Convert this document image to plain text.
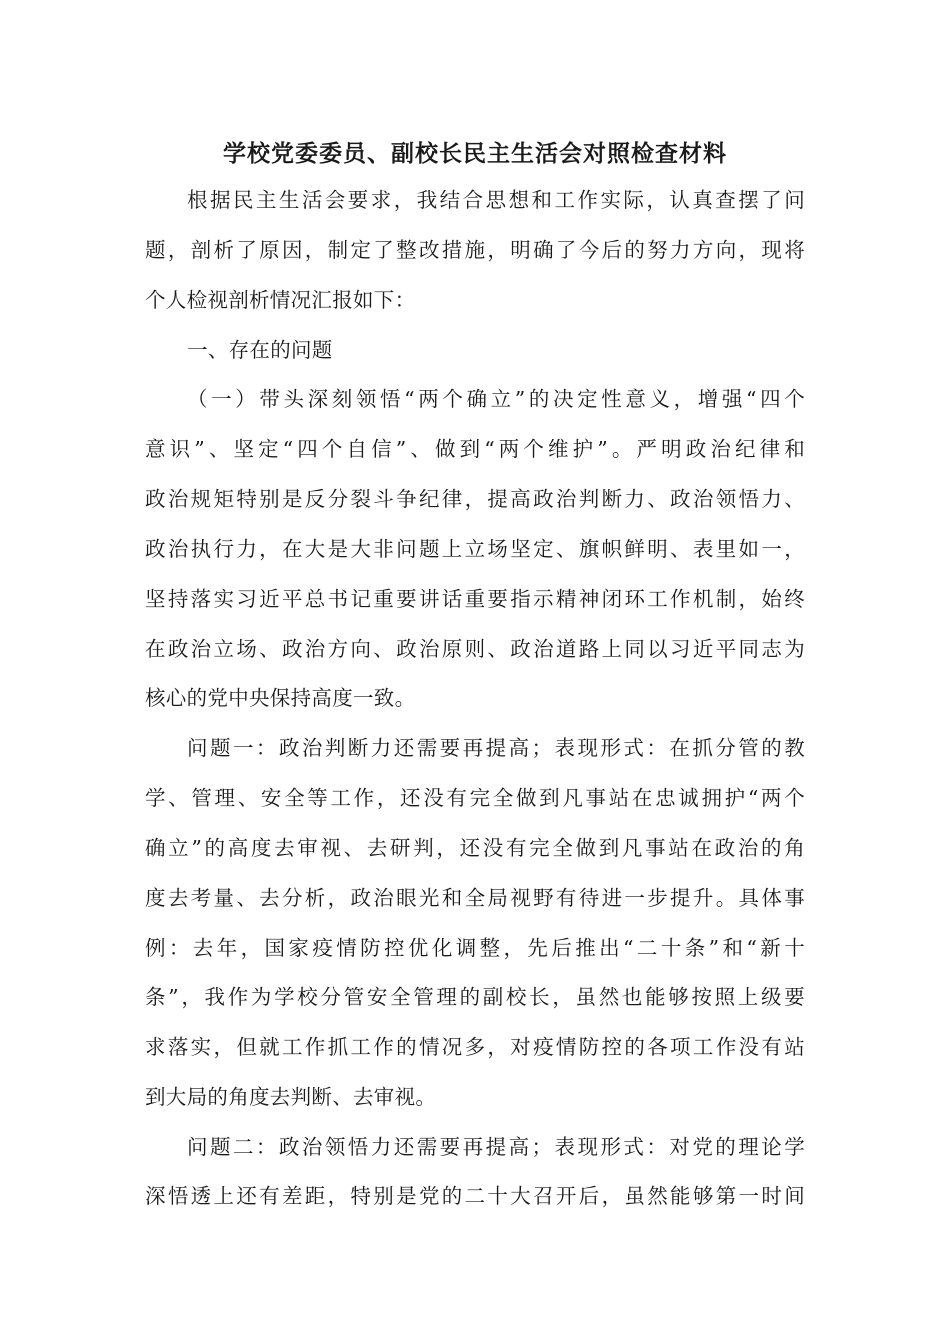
学校党委委员、副校长民主生活会对照检查材料
根据民主生活会要求，我结合思想和工作实际，认真查摆了问
题，剖析了原因，制定了整改措施，明确了今后的努力方向，现将
个人检视剖析情况汇报如下：
一、存在的问题
（一）带头深刻领悟“两个确立”的决定性意义，增强“四个
意识”、坚定“四个自信”、做到“两个维护”。严明政治纪律和
政治规矩特别是反分裂斗争纪律，提高政治判断力、政治领悟力、
政治执行力，在大是大非问题上立场坚定、旗帜鲜明、表里如一，
坚持落实习近平总书记重要讲话重要指示精神闭环工作机制，始终
在政治立场、政治方向、政治原则、政治道路上同以习近平同志为
核心的党中央保持高度一致。
问题一：政治判断力还需要再提高；表现形式：在抓分管的教
学、管理、安全等工作，还没有完全做到凡事站在忠诚拥护“两个
确立”的高度去审视、去研判，还没有完全做到凡事站在政治的角
度去考量、去分析，政治眼光和全局视野有待进一步提升。具体事
例：去年，国家疫情防控优化调整，先后推出“二十条”和“新十
条”，我作为学校分管安全管理的副校长，虽然也能够按照上级要
求落实，但就工作抓工作的情况多，对疫情防控的各项工作没有站
到大局的角度去判断、去审视。
问题二：政治领悟力还需要再提高；表现形式：对党的理论学
深悟透上还有差距，特别是党的二十大召开后，虽然能够第一时间
